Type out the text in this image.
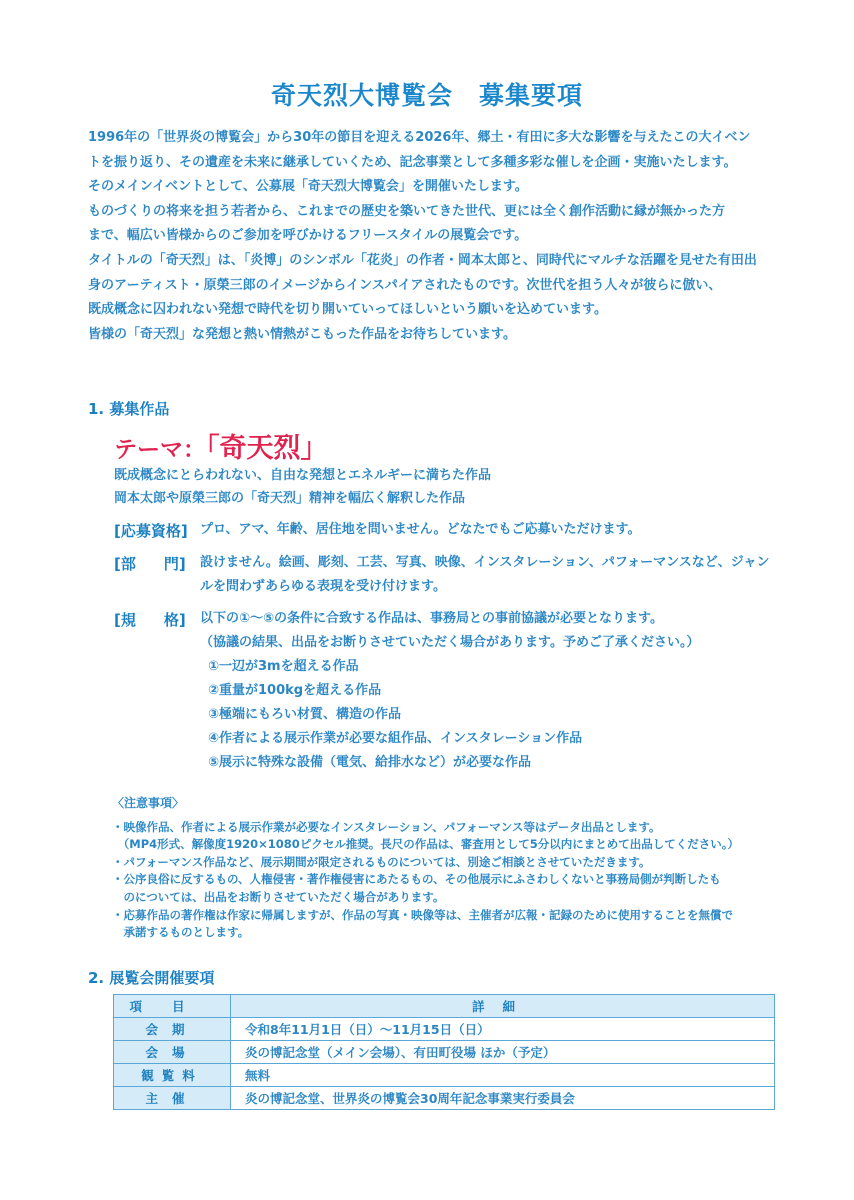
奇天烈大博覧会　募集要項

1996年の「世界炎の博覧会」から30年の節目を迎える2026年、郷土・有田に多大な影響を与えたこの大イベン

トを振り返り、その遺産を未来に継承していくため、記念事業として多種多彩な催しを企画・実施いたします。

そのメインイベントとして、公募展「奇天烈大博覧会」を開催いたします。

ものづくりの将来を担う若者から、これまでの歴史を築いてきた世代、更には全く創作活動に縁が無かった方

まで、幅広い皆様からのご参加を呼びかけるフリースタイルの展覧会です。

タイトルの「奇天烈」は、「炎博」のシンボル「花炎」の作者・岡本太郎と、同時代にマルチな活躍を見せた有田出

身のアーティスト・原榮三郎のイメージからインスパイアされたものです。次世代を担う人々が彼らに倣い、

既成概念に囚われない発想で時代を切り開いていってほしいという願いを込めています。

皆様の「奇天烈」な発想と熱い情熱がこもった作品をお待ちしています。

1. 募集作品
テーマ：「奇天烈」

既成概念にとらわれない、自由な発想とエネルギーに満ちた作品

岡本太郎や原榮三郎の「奇天烈」精神を幅広く解釈した作品

[応募資格] プロ、アマ、年齢、居住地を問いません。どなたでもご応募いただけます。

[部 門] 設けません。絵画、彫刻、工芸、写真、映像、インスタレーション、パフォーマンスなど、ジャン

ルを問わずあらゆる表現を受け付けます。

[規 格] 以下の①～⑤の条件に合致する作品は、事務局との事前協議が必要となります。

（協議の結果、出品をお断りさせていただく場合があります。予めご了承ください。）

①一辺が3mを超える作品

②重量が100kgを超える作品

③極端にもろい材質、構造の作品

④作者による展示作業が必要な組作品、インスタレーション作品

⑤展示に特殊な設備（電気、給排水など）が必要な作品

〈注意事項〉

・映像作品、作者による展示作業が必要なインスタレーション、パフォーマンス等はデータ出品とします。

　（MP4形式、解像度1920×1080ピクセル推奨。長尺の作品は、審査用として5分以内にまとめて出品してください。）

・パフォーマンス作品など、展示期間が限定されるものについては、別途ご相談とさせていただきます。

・公序良俗に反するもの、人権侵害・著作権侵害にあたるもの、その他展示にふさわしくないと事務局側が判断したも

　のについては、出品をお断りさせていただく場合があります。

・応募作品の著作権は作家に帰属しますが、作品の写真・映像等は、主催者が広報・記録のために使用することを無償で

　承諾するものとします。

2. 展覧会開催要項
項目	詳細
会期	令和8年11月1日（日）～11月15日（日）
会場	炎の博記念堂（メイン会場）、有田町役場 ほか（予定）
観覧料	無料
主催	炎の博記念堂、世界炎の博覧会30周年記念事業実行委員会
